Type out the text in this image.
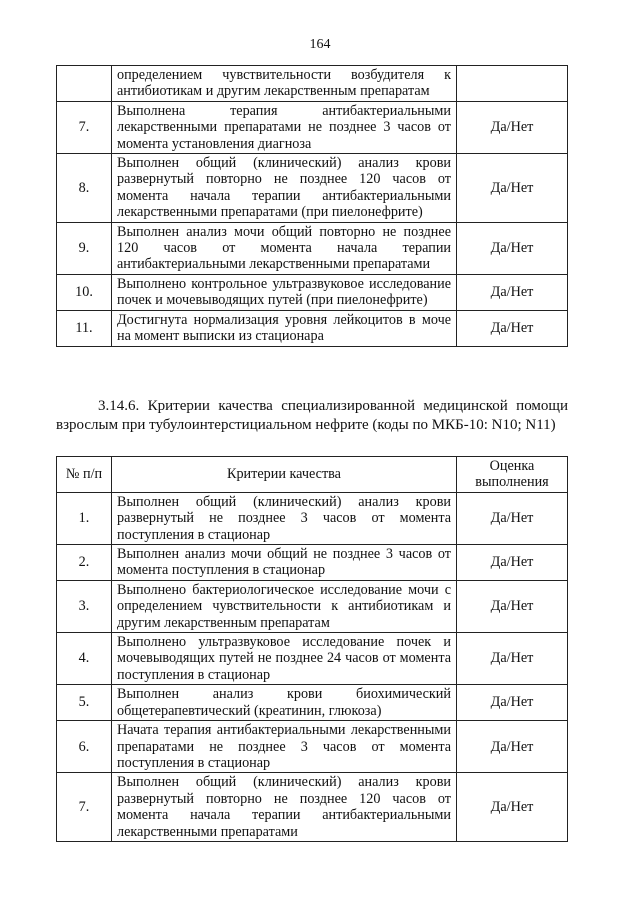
164
	определением чувствительности возбудителя к антибиотикам и другим лекарственным препаратам	
7.	Выполнена терапия антибактериальными лекарственными препаратами не позднее 3 часов от момента установления диагноза	Да/Нет
8.	Выполнен общий (клинический) анализ крови развернутый повторно не позднее 120 часов от момента начала терапии антибактериальными лекарственными препаратами (при пиелонефрите)	Да/Нет
9.	Выполнен анализ мочи общий повторно не позднее 120 часов от момента начала терапии антибактериальными лекарственными препаратами	Да/Нет
10.	Выполнено контрольное ультразвуковое исследование почек и мочевыводящих путей (при пиелонефрите)	Да/Нет
11.	Достигнута нормализация уровня лейкоцитов в моче на момент выписки из стационара	Да/Нет

3.14.6. Критерии качества специализированной медицинской помощи взрослым при тубулоинтерстициальном нефрите (коды по МКБ-10: N10; N11)

№ п/п	Критерии качества	Оценка выполнения
1.	Выполнен общий (клинический) анализ крови развернутый не позднее 3 часов от момента поступления в стационар	Да/Нет
2.	Выполнен анализ мочи общий не позднее 3 часов от момента поступления в стационар	Да/Нет
3.	Выполнено бактериологическое исследование мочи с определением чувствительности к антибиотикам и другим лекарственным препаратам	Да/Нет
4.	Выполнено ультразвуковое исследование почек и мочевыводящих путей не позднее 24 часов от момента поступления в стационар	Да/Нет
5.	Выполнен анализ крови биохимический общетерапевтический (креатинин, глюкоза)	Да/Нет
6.	Начата терапия антибактериальными лекарственными препаратами не позднее 3 часов от момента поступления в стационар	Да/Нет
7.	Выполнен общий (клинический) анализ крови развернутый повторно не позднее 120 часов от момента начала терапии антибактериальными лекарственными препаратами	Да/Нет
